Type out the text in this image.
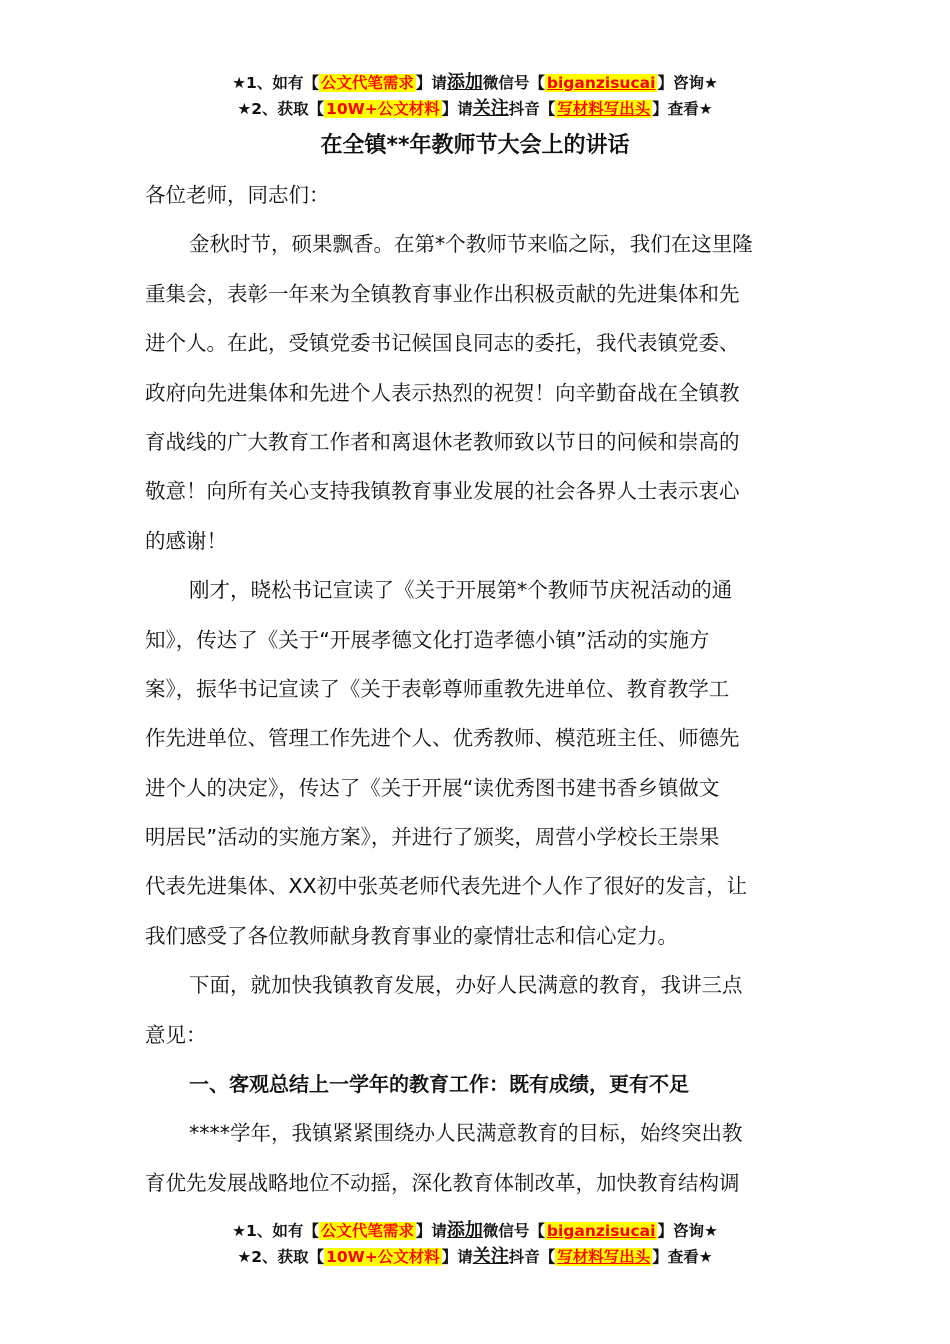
★1、如有【 公文代笔需求 】请添加微信号【 biganzisucai 】咨询★
★2、获取【 10W+公文材料 】请关注抖音【 写材料写出头 】查看★
在全镇**年教师节大会上的讲话
各位老师，同志们：
金秋时节，硕果飘香。在第*个教师节来临之际，我们在这里隆
重集会，表彰一年来为全镇教育事业作出积极贡献的先进集体和先
进个人。在此，受镇党委书记候国良同志的委托，我代表镇党委、
政府向先进集体和先进个人表示热烈的祝贺！向辛勤奋战在全镇教
育战线的广大教育工作者和离退休老教师致以节日的问候和崇高的
敬意！向所有关心支持我镇教育事业发展的社会各界人士表示衷心
的感谢！
刚才，晓松书记宣读了《关于开展第*个教师节庆祝活动的通
知》，传达了《关于“开展孝德文化打造孝德小镇”活动的实施方
案》，振华书记宣读了《关于表彰尊师重教先进单位、教育教学工
作先进单位、管理工作先进个人、优秀教师、模范班主任、师德先
进个人的决定》，传达了《关于开展“读优秀图书建书香乡镇做文
明居民”活动的实施方案》，并进行了颁奖，周营小学校长王崇果
代表先进集体、XX初中张英老师代表先进个人作了很好的发言，让
我们感受了各位教师献身教育事业的豪情壮志和信心定力。
下面，就加快我镇教育发展，办好人民满意的教育，我讲三点
意见：
一、客观总结上一学年的教育工作：既有成绩，更有不足
****学年，我镇紧紧围绕办人民满意教育的目标，始终突出教
育优先发展战略地位不动摇，深化教育体制改革，加快教育结构调
★1、如有【 公文代笔需求 】请添加微信号【 biganzisucai 】咨询★
★2、获取【 10W+公文材料 】请关注抖音【 写材料写出头 】查看★
